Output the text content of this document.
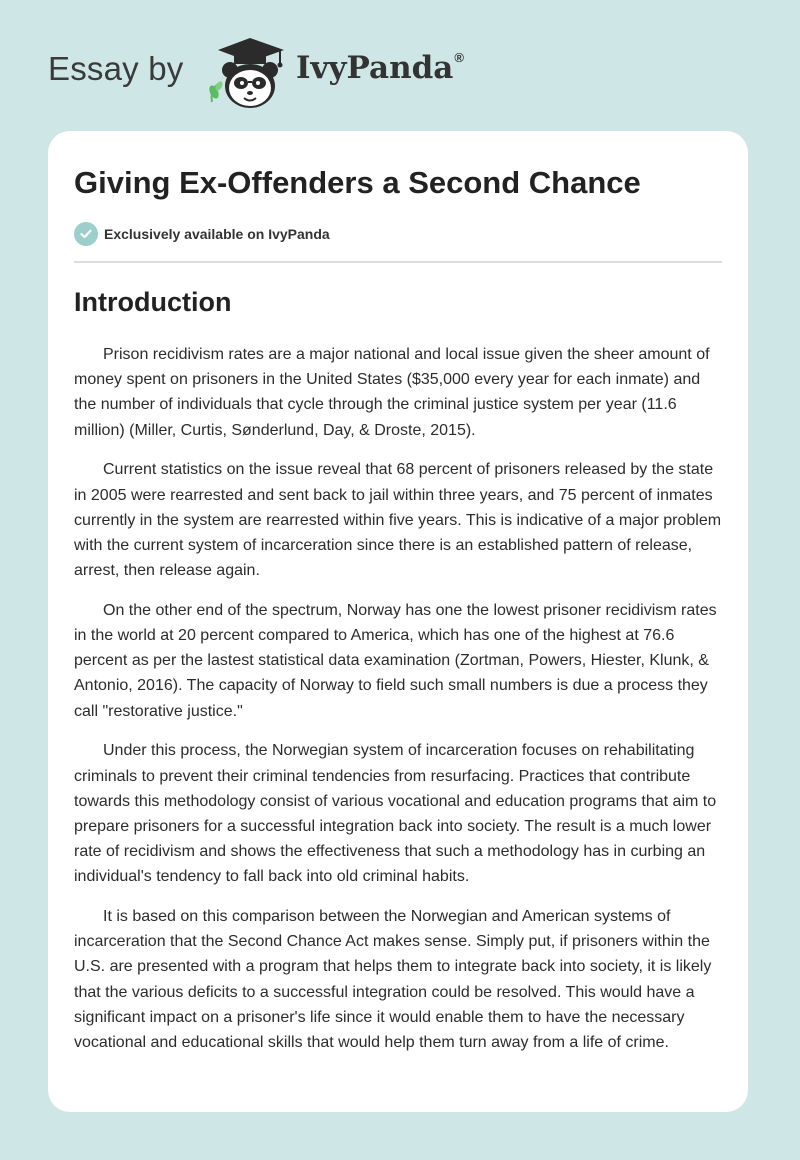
Essay by	IvyPanda®
Giving Ex-Offenders a Second Chance
Exclusively available on IvyPanda
Introduction

Prison recidivism rates are a major national and local issue given the sheer amount of money spent on prisoners in the United States ($35,000 every year for each inmate) and the number of individuals that cycle through the criminal justice system per year (11.6 million) (Miller, Curtis, Sønderlund, Day, & Droste, 2015).

Current statistics on the issue reveal that 68 percent of prisoners released by the state in 2005 were rearrested and sent back to jail within three years, and 75 percent of inmates currently in the system are rearrested within five years. This is indicative of a major problem with the current system of incarceration since there is an established pattern of release, arrest, then release again.

On the other end of the spectrum, Norway has one the lowest prisoner recidivism rates in the world at 20 percent compared to America, which has one of the highest at 76.6 percent as per the lastest statistical data examination (Zortman, Powers, Hiester, Klunk, & Antonio, 2016). The capacity of Norway to field such small numbers is due a process they call "restorative justice."

Under this process, the Norwegian system of incarceration focuses on rehabilitating criminals to prevent their criminal tendencies from resurfacing. Practices that contribute towards this methodology consist of various vocational and education programs that aim to prepare prisoners for a successful integration back into society. The result is a much lower rate of recidivism and shows the effectiveness that such a methodology has in curbing an individual's tendency to fall back into old criminal habits.

It is based on this comparison between the Norwegian and American systems of incarceration that the Second Chance Act makes sense. Simply put, if prisoners within the U.S. are presented with a program that helps them to integrate back into society, it is likely that the various deficits to a successful integration could be resolved. This would have a significant impact on a prisoner's life since it would enable them to have the necessary vocational and educational skills that would help them turn away from a life of crime.
